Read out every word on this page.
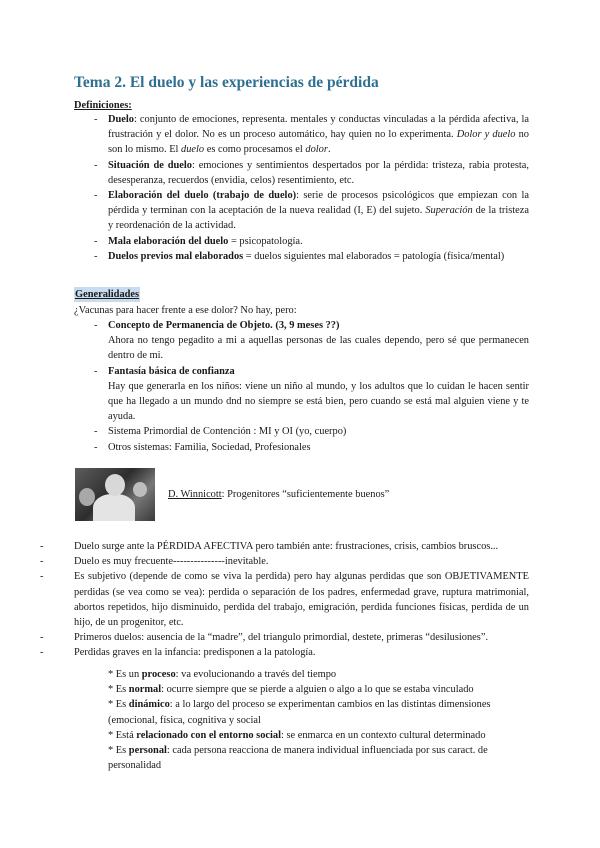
Tema 2. El duelo y las experiencias de pérdida

Definiciones:

- Duelo: conjunto de emociones, representa. mentales y conductas vinculadas a la pérdida afectiva, la frustración y el dolor. No es un proceso automático, hay quien no lo experimenta. Dolor y duelo no son lo mismo. El duelo es como procesamos el dolor.
- Situación de duelo: emociones y sentimientos despertados por la pérdida: tristeza, rabia protesta, desesperanza, recuerdos (envidia, celos) resentimiento, etc.
- Elaboración del duelo (trabajo de duelo): serie de procesos psicológicos que empiezan con la pérdida y terminan con la aceptación de la nueva realidad (I, E) del sujeto. Superación de la tristeza y reordenación de la actividad.
- Mala elaboración del duelo = psicopatología.
- Duelos previos mal elaborados = duelos siguientes mal elaborados = patología (física/mental)

Generalidades

¿Vacunas para hacer frente a ese dolor? No hay, pero:

- Concepto de Permanencia de Objeto. (3, 9 meses ??)

Ahora no tengo pegadito a mi a aquellas personas de las cuales dependo, pero sé que permanecen dentro de mi.

- Fantasía básica de confianza

Hay que generarla en los niños: viene un niño al mundo, y los adultos que lo cuidan le hacen sentir que ha llegado a un mundo dnd no siempre se está bien, pero cuando se está mal alguien viene y te ayuda.

- Sistema Primordial de Contención : MI y OI (yo, cuerpo)
- Otros sistemas: Familia, Sociedad, Profesionales

D. Winnicott: Progenitores “suficientemente buenos”

-	Duelo surge ante la PÉRDIDA AFECTIVA pero también ante: frustraciones, crisis, cambios bruscos...
-	Duelo es muy frecuente---------------inevitable.
-	Es subjetivo (depende de como se viva la perdida) pero hay algunas perdidas que son OBJETIVAMENTE perdidas (se vea como se vea): perdida o separación de los padres, enfermedad grave, ruptura matrimonial, abortos repetidos, hijo disminuido, perdida del trabajo, emigración, perdida funciones físicas, perdida de un hijo, de un progenitor, etc.
-	Primeros duelos: ausencia de la “madre”, del triangulo primordial, destete, primeras “desilusiones”.
-	Perdidas graves en la infancia: predisponen a la patología.
* Es un proceso: va evolucionando a través del tiempo
* Es normal: ocurre siempre que se pierde a alguien o algo a lo que se estaba vinculado
* Es dinámico: a lo largo del proceso se experimentan cambios en las distintas dimensiones (emocional, física, cognitiva y social
* Está relacionado con el entorno social: se enmarca en un contexto cultural determinado
* Es personal: cada persona reacciona de manera individual influenciada por sus caract. de personalidad
